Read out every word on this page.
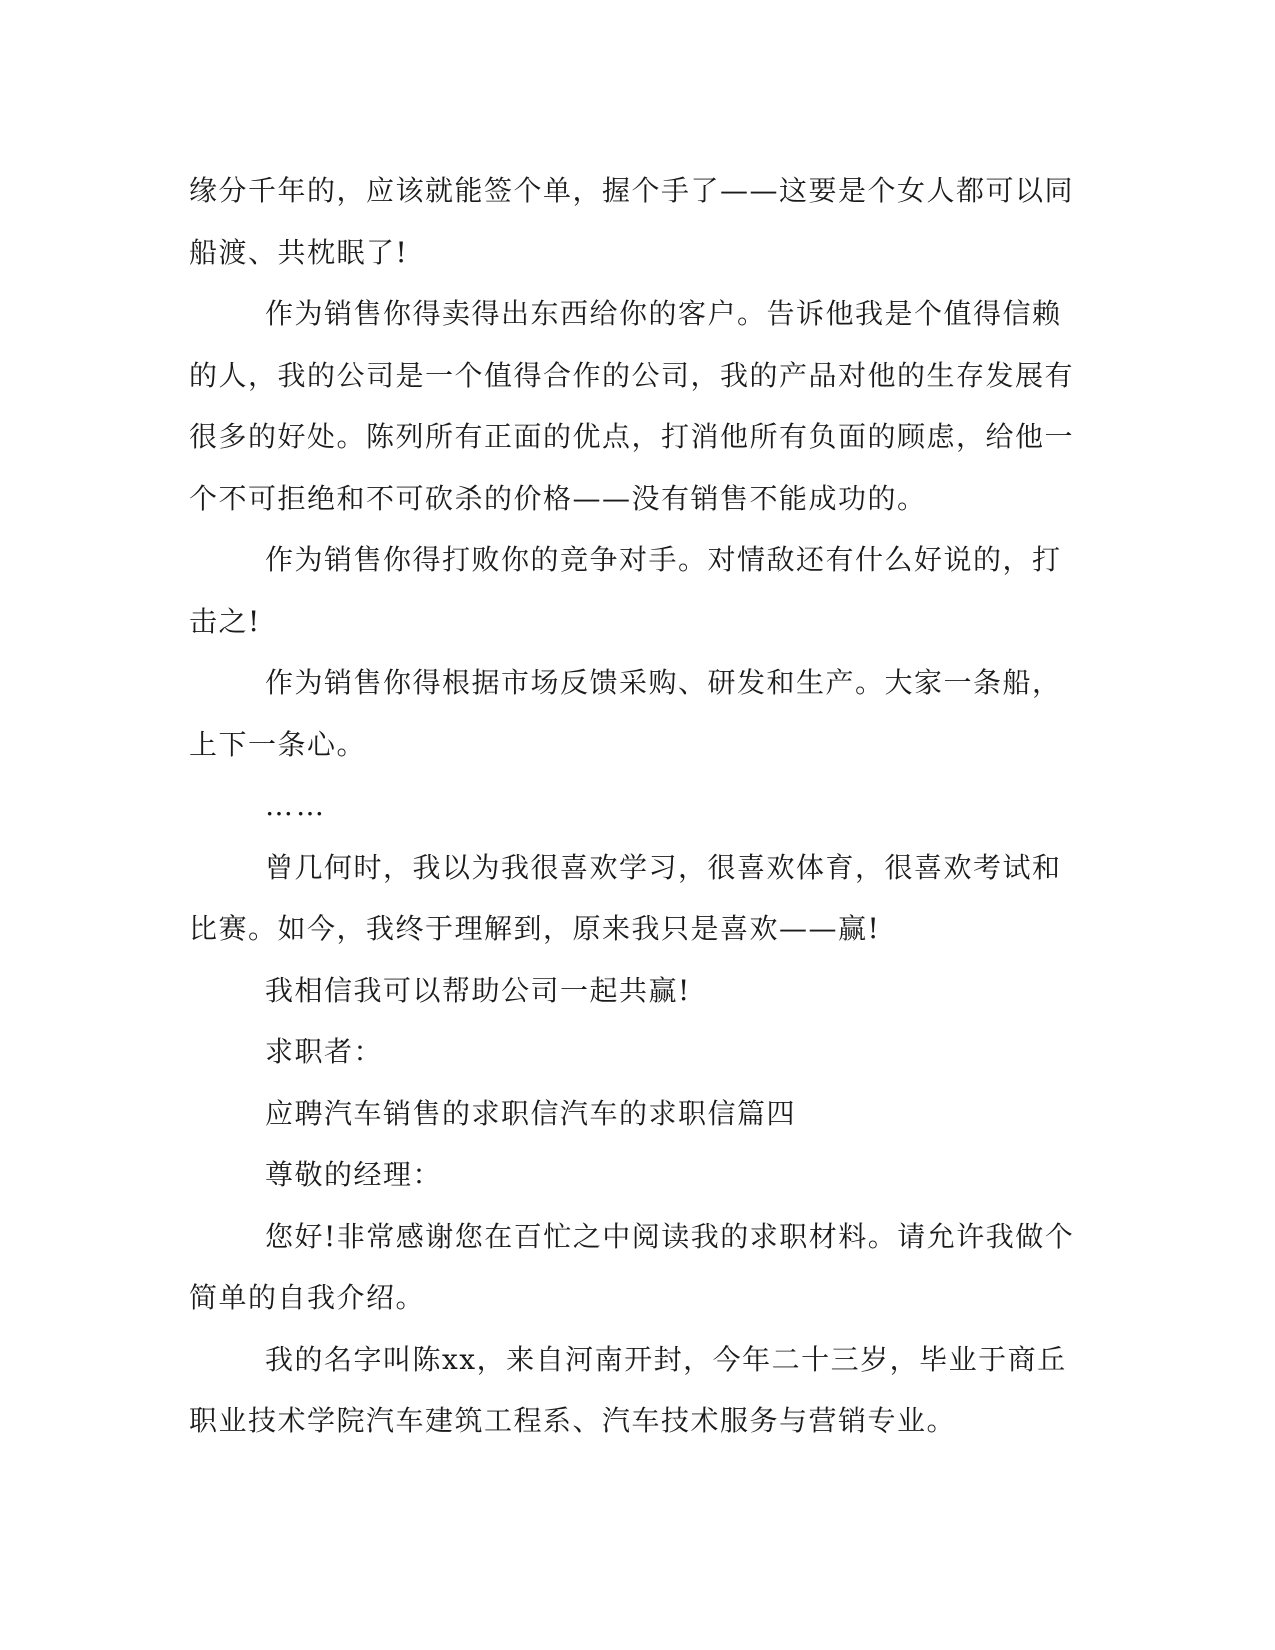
缘分千年的，应该就能签个单，握个手了——这要是个女人都可以同船渡、共枕眠了!

作为销售你得卖得出东西给你的客户。告诉他我是个值得信赖的人，我的公司是一个值得合作的公司，我的产品对他的生存发展有很多的好处。陈列所有正面的优点，打消他所有负面的顾虑，给他一个不可拒绝和不可砍杀的价格——没有销售不能成功的。

作为销售你得打败你的竞争对手。对情敌还有什么好说的，打击之!

作为销售你得根据市场反馈采购、研发和生产。大家一条船，上下一条心。

……

曾几何时，我以为我很喜欢学习，很喜欢体育，很喜欢考试和比赛。如今，我终于理解到，原来我只是喜欢——赢!

我相信我可以帮助公司一起共赢!

求职者：

应聘汽车销售的求职信汽车的求职信篇四

尊敬的经理：

您好!非常感谢您在百忙之中阅读我的求职材料。请允许我做个简单的自我介绍。

我的名字叫陈xx，来自河南开封，今年二十三岁，毕业于商丘职业技术学院汽车建筑工程系、汽车技术服务与营销专业。
